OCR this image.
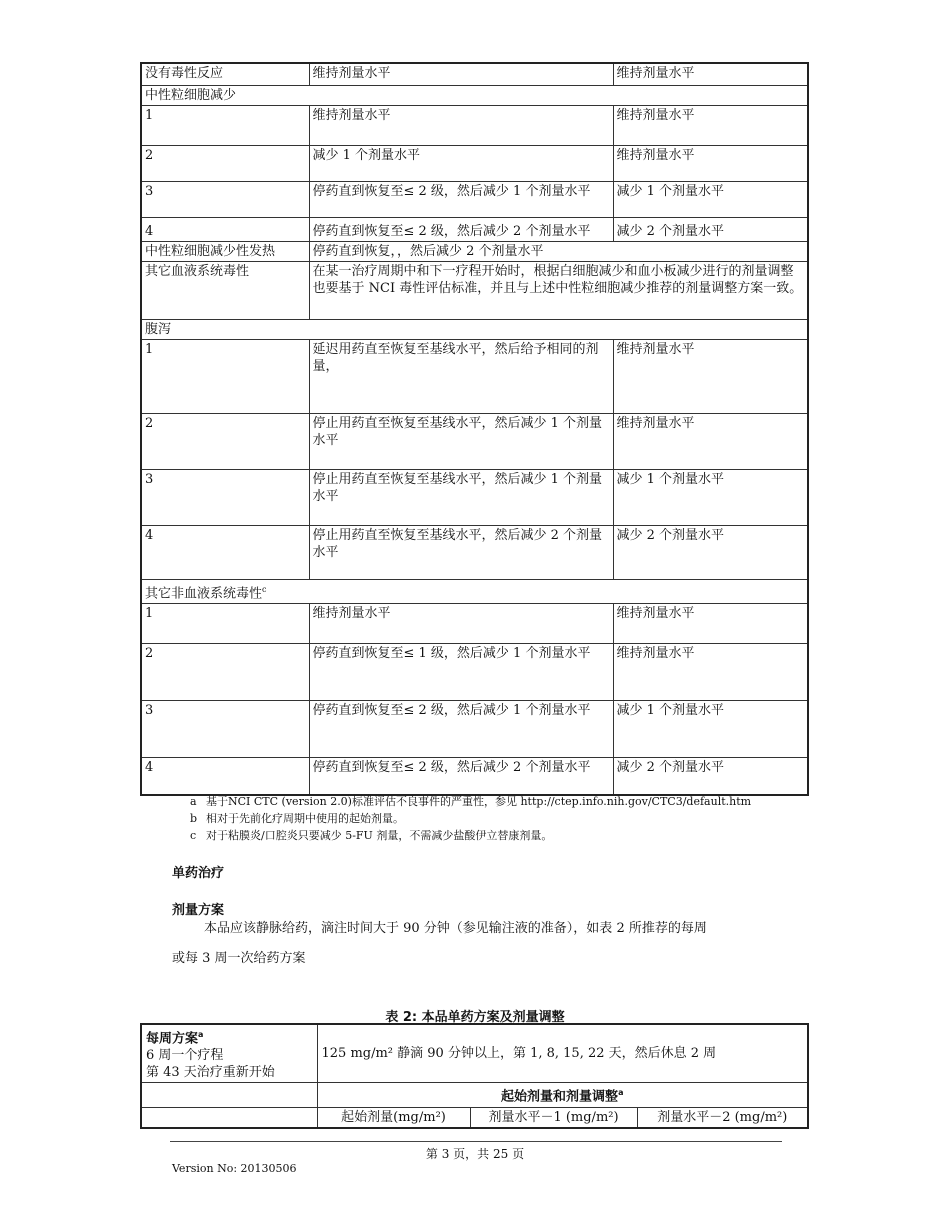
没有毒性反应	维持剂量水平	维持剂量水平
中性粒细胞减少		
1	维持剂量水平	维持剂量水平
2	减少 1 个剂量水平	维持剂量水平
3	停药直到恢复至≤ 2 级，然后减少 1 个剂量水平	减少 1 个剂量水平
4	停药直到恢复至≤ 2 级，然后减少 2 个剂量水平	减少 2 个剂量水平
中性粒细胞减少性发热	停药直到恢复，，然后减少 2 个剂量水平	
其它血液系统毒性	在某一治疗周期中和下一疗程开始时，根据白细胞减少和血小板减少进行的剂量调整也要基于 NCI 毒性评估标准，并且与上述中性粒细胞减少推荐的剂量调整方案一致。	
腹泻		
1	延迟用药直至恢复至基线水平，然后给予相同的剂量，	维持剂量水平
2	停止用药直至恢复至基线水平，然后减少 1 个剂量水平	维持剂量水平
3	停止用药直至恢复至基线水平，然后减少 1 个剂量水平	减少 1 个剂量水平
4	停止用药直至恢复至基线水平，然后减少 2 个剂量水平	减少 2 个剂量水平
其它非血液系统毒性$^c$
1	维持剂量水平	维持剂量水平
2	停药直到恢复至≤ 1 级，然后减少 1 个剂量水平	维持剂量水平
3	停药直到恢复至≤ 2 级，然后减少 1 个剂量水平	减少 1 个剂量水平
4	停药直到恢复至≤ 2 级，然后减少 2 个剂量水平	减少 2 个剂量水平
a 基于NCI CTC (version 2.0)标准评估不良事件的严重性，参见 http://ctep.info.nih.gov/CTC3/default.htm
b 相对于先前化疗周期中使用的起始剂量。
c 对于粘膜炎/口腔炎只要减少 5-FU 剂量，不需减少盐酸伊立替康剂量。
单药治疗
剂量方案
本品应该静脉给药，滴注时间大于 90 分钟（参见输注液的准备），如表 2 所推荐的每周
或每 3 周一次给药方案
表 2: 本品单药方案及剂量调整
每周方案$^a$
6 周一个疗程
第 43 天治疗重新开始	125 mg/m² 静滴 90 分钟以上，第 1, 8, 15, 22 天，然后休息 2 周		
	起始剂量和剂量调整$^a$
	起始剂量(mg/m²)	剂量水平－1 (mg/m²)	剂量水平－2 (mg/m²)
第 3 页，共 25 页
Version No: 20130506
